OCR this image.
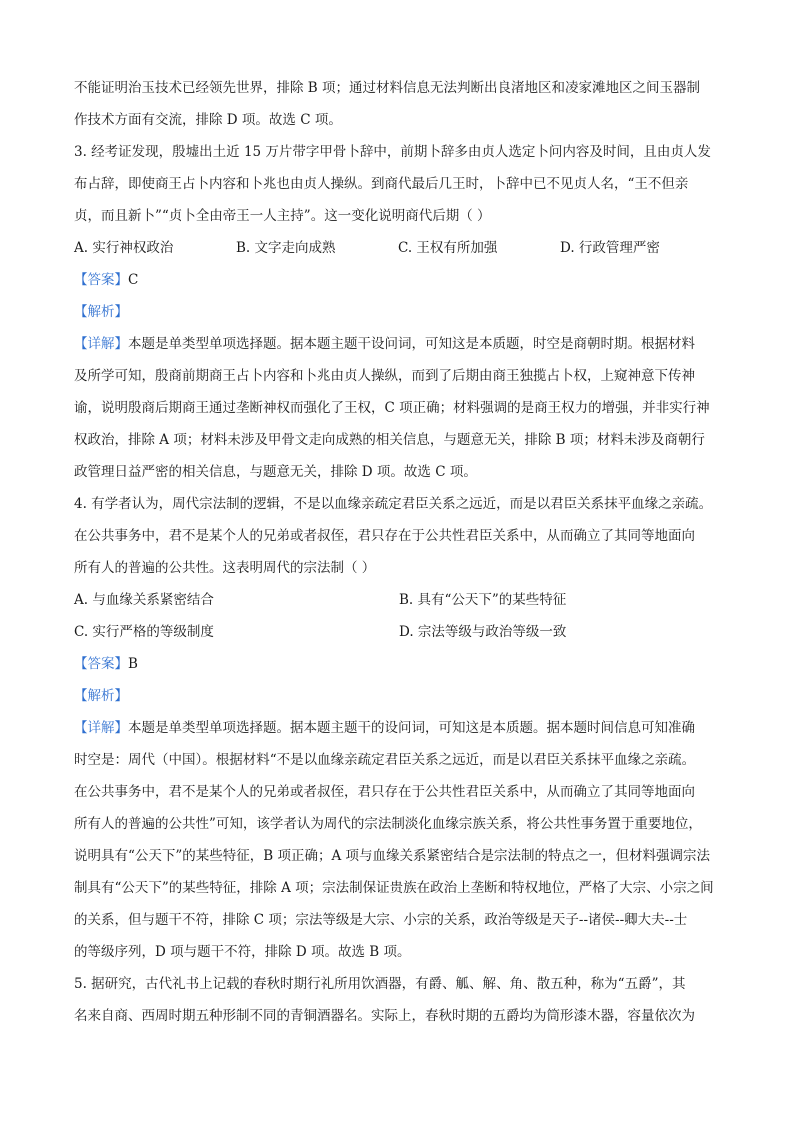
不能证明治玉技术已经领先世界，排除 B 项；通过材料信息无法判断出良渚地区和凌家滩地区之间玉器制
作技术方面有交流，排除 D 项。故选 C 项。
3. 经考证发现，殷墟出土近 15 万片带字甲骨卜辞中，前期卜辞多由贞人选定卜问内容及时间，且由贞人发
布占辞，即使商王占卜内容和卜兆也由贞人操纵。到商代最后几王时，卜辞中已不见贞人名，“王不但亲
贞，而且新卜”“贞卜全由帝王一人主持”。这一变化说明商代后期（ ）
A. 实行神权政治	B. 文字走向成熟	C. 王权有所加强	D. 行政管理严密
【答案】C
【解析】
【详解】本题是单类型单项选择题。据本题主题干设问词，可知这是本质题，时空是商朝时期。根据材料
及所学可知，殷商前期商王占卜内容和卜兆由贞人操纵，而到了后期由商王独揽占卜权，上窥神意下传神
谕，说明殷商后期商王通过垄断神权而强化了王权，C 项正确；材料强调的是商王权力的增强，并非实行神
权政治，排除 A 项；材料未涉及甲骨文走向成熟的相关信息，与题意无关，排除 B 项；材料未涉及商朝行
政管理日益严密的相关信息，与题意无关，排除 D 项。故选 C 项。
4. 有学者认为，周代宗法制的逻辑，不是以血缘亲疏定君臣关系之远近，而是以君臣关系抹平血缘之亲疏。
在公共事务中，君不是某个人的兄弟或者叔侄，君只存在于公共性君臣关系中，从而确立了其同等地面向
所有人的普遍的公共性。这表明周代的宗法制（ ）
A. 与血缘关系紧密结合	B. 具有“公天下”的某些特征
C. 实行严格的等级制度	D. 宗法等级与政治等级一致
【答案】B
【解析】
【详解】本题是单类型单项选择题。据本题主题干的设问词，可知这是本质题。据本题时间信息可知准确
时空是：周代（中国）。根据材料“不是以血缘亲疏定君臣关系之远近，而是以君臣关系抹平血缘之亲疏。
在公共事务中，君不是某个人的兄弟或者叔侄，君只存在于公共性君臣关系中，从而确立了其同等地面向
所有人的普遍的公共性”可知，该学者认为周代的宗法制淡化血缘宗族关系，将公共性事务置于重要地位，
说明具有“公天下”的某些特征，B 项正确；A 项与血缘关系紧密结合是宗法制的特点之一，但材料强调宗法
制具有“公天下”的某些特征，排除 A 项；宗法制保证贵族在政治上垄断和特权地位，严格了大宗、小宗之间
的关系，但与题干不符，排除 C 项；宗法等级是大宗、小宗的关系，政治等级是天子--诸侯--卿大夫--士
的等级序列，D 项与题干不符，排除 D 项。故选 B 项。
5. 据研究，古代礼书上记载的春秋时期行礼所用饮酒器，有爵、觚、解、角、散五种，称为“五爵”，其
名来自商、西周时期五种形制不同的青铜酒器名。实际上，春秋时期的五爵均为筒形漆木器，容量依次为
